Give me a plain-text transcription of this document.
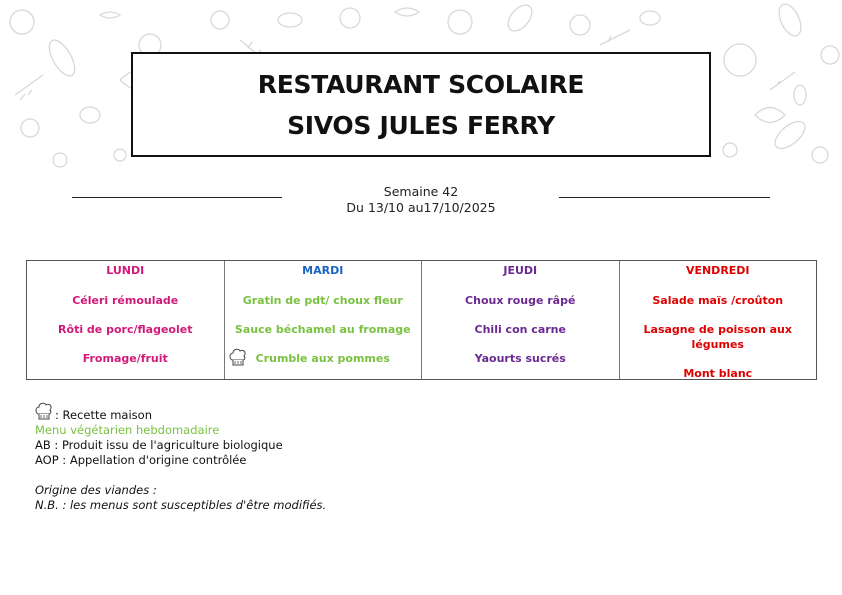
RESTAURANT SCOLAIRE
SIVOS JULES FERRY
Semaine 42
Du 13/10 au17/10/2025
LUNDI
Céleri rémoulade
Rôti de porc/flageolet
Fromage/fruit
MARDI
Gratin de pdt/ choux fleur
Sauce béchamel au fromage
Crumble aux pommes
JEUDI
Choux rouge râpé
Chili con carne
Yaourts sucrés
VENDREDI
Salade maïs /croûton
Lasagne de poisson aux légumes
Mont blanc
: Recette maison
Menu végétarien hebdomadaire
AB : Produit issu de l'agriculture biologique
AOP : Appellation d'origine contrôlée
Origine des viandes :
N.B. : les menus sont susceptibles d'être modifiés.
